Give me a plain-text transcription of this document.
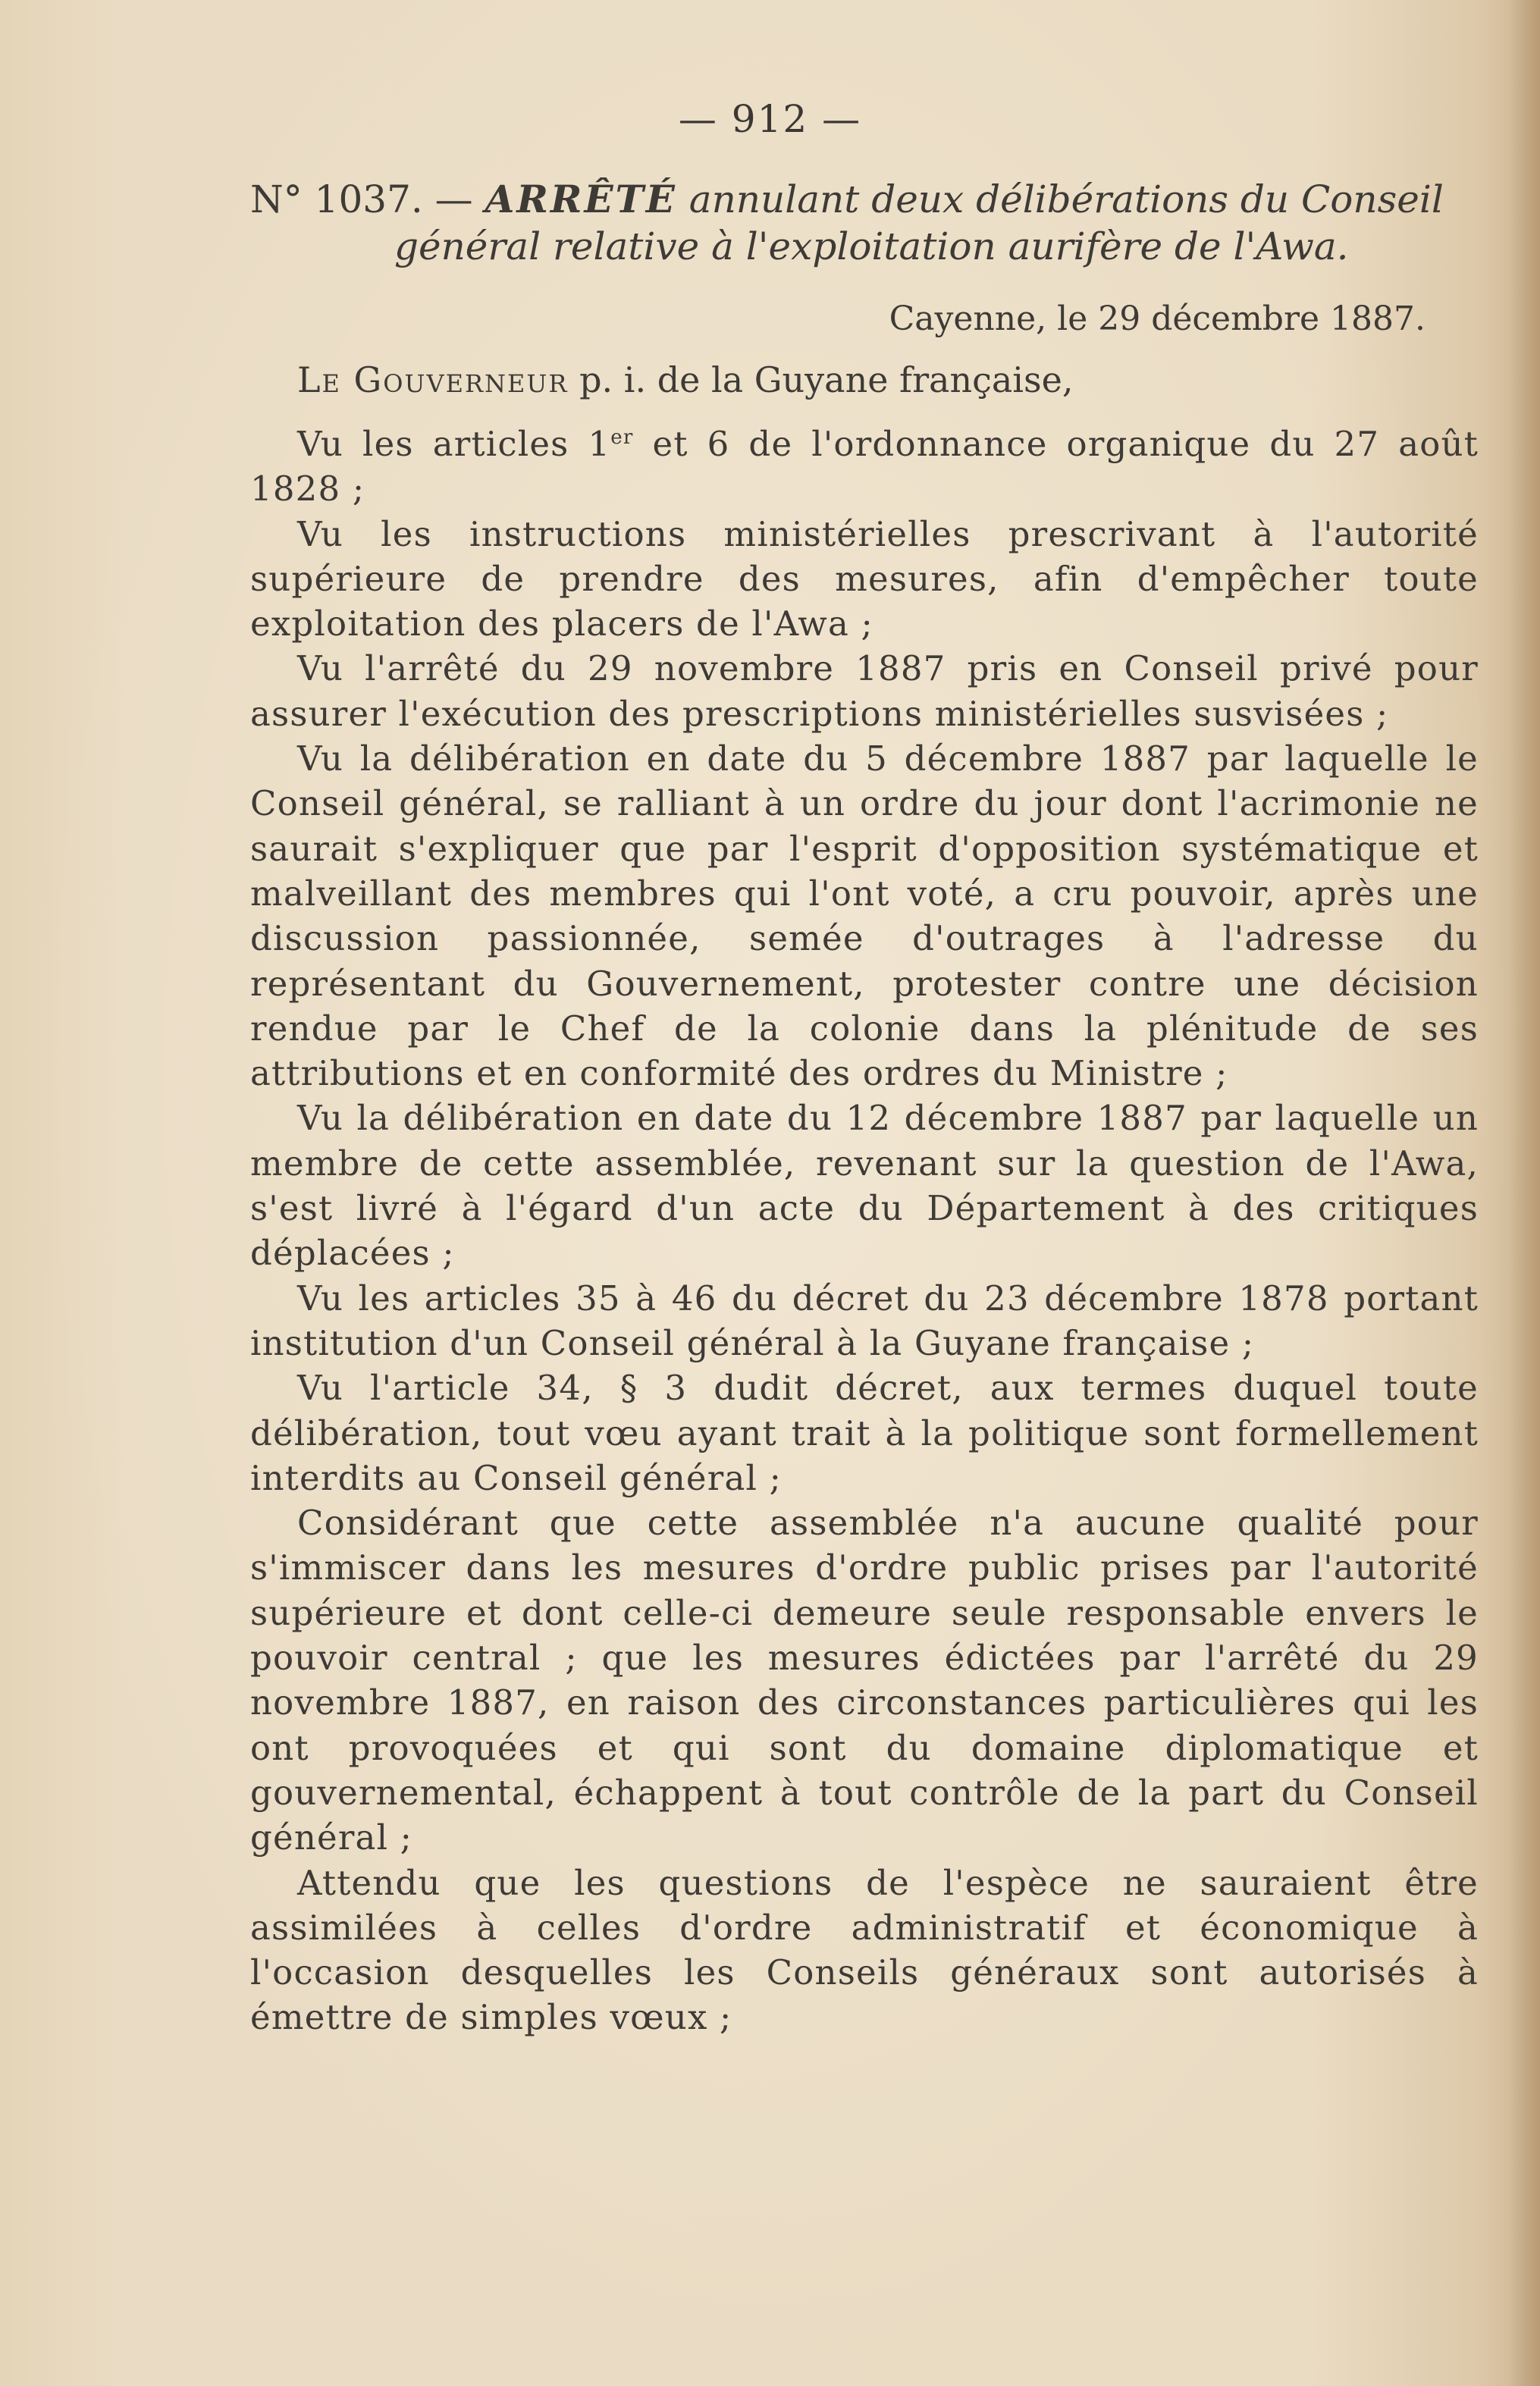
— 912 —

N° 1037. — ARRÊTÉ annulant deux délibérations du Conseil général relative à l'exploitation aurifère de l'Awa.

Cayenne, le 29 décembre 1887.
Le Gouverneur p. i. de la Guyane française,

Vu les articles 1er et 6 de l'ordonnance organique du 27 août 1828 ;

Vu les instructions ministérielles prescrivant à l'autorité supérieure de prendre des mesures, afin d'empêcher toute exploitation des placers de l'Awa ;

Vu l'arrêté du 29 novembre 1887 pris en Conseil privé pour assurer l'exécution des prescriptions ministérielles susvisées ;

Vu la délibération en date du 5 décembre 1887 par laquelle le Conseil général, se ralliant à un ordre du jour dont l'acrimonie ne saurait s'expliquer que par l'esprit d'opposition systématique et malveillant des membres qui l'ont voté, a cru pouvoir, après une discussion passionnée, semée d'outrages à l'adresse du représentant du Gouvernement, protester contre une décision rendue par le Chef de la colonie dans la plénitude de ses attributions et en conformité des ordres du Ministre ;

Vu la délibération en date du 12 décembre 1887 par laquelle un membre de cette assemblée, revenant sur la question de l'Awa, s'est livré à l'égard d'un acte du Département à des critiques déplacées ;

Vu les articles 35 à 46 du décret du 23 décembre 1878 portant institution d'un Conseil général à la Guyane française ;

Vu l'article 34, § 3 dudit décret, aux termes duquel toute délibération, tout vœu ayant trait à la politique sont formellement interdits au Conseil général ;

Considérant que cette assemblée n'a aucune qualité pour s'immiscer dans les mesures d'ordre public prises par l'autorité supérieure et dont celle-ci demeure seule responsable envers le pouvoir central ; que les mesures édictées par l'arrêté du 29 novembre 1887, en raison des circonstances particulières qui les ont provoquées et qui sont du domaine diplomatique et gouvernemental, échappent à tout contrôle de la part du Conseil général ;

Attendu que les questions de l'espèce ne sauraient être assimilées à celles d'ordre administratif et économique à l'occasion desquelles les Conseils généraux sont autorisés à émettre de simples vœux ;
